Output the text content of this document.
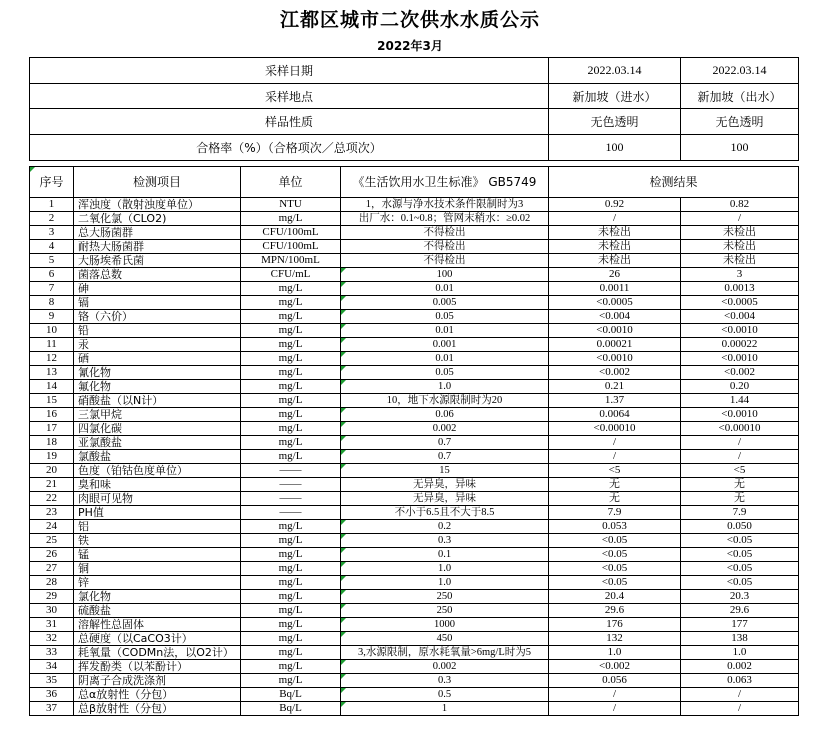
江都区城市二次供水水质公示
2022年3月
采样日期	2022.03.14	2022.03.14
采样地点	新加坡（进水）	新加坡（出水）
样品性质	无色透明	无色透明
合格率（%）（合格项次／总项次）	100	100
序号	检测项目	单位	《生活饮用水卫生标准》 GB5749	检测结果	
1	浑浊度（散射浊度单位）	NTU	1，水源与净水技术条件限制时为3	0.92	0.82
2	二氧化氯（CLO2)	mg/L	出厂水：0.1~0.8；管网末稍水：≥0.02	/	/
3	总大肠菌群	CFU/100mL	不得检出	未检出	未检出
4	耐热大肠菌群	CFU/100mL	不得检出	未检出	未检出
5	大肠埃希氏菌	MPN/100mL	不得检出	未检出	未检出
6	菌落总数	CFU/mL	100	26	3
7	砷	mg/L	0.01	0.0011	0.0013
8	镉	mg/L	0.005	<0.0005	<0.0005
9	铬（六价）	mg/L	0.05	<0.004	<0.004
10	铅	mg/L	0.01	<0.0010	<0.0010
11	汞	mg/L	0.001	0.00021	0.00022
12	硒	mg/L	0.01	<0.0010	<0.0010
13	氰化物	mg/L	0.05	<0.002	<0.002
14	氟化物	mg/L	1.0	0.21	0.20
15	硝酸盐（以N计）	mg/L	10，地下水源限制时为20	1.37	1.44
16	三氯甲烷	mg/L	0.06	0.0064	<0.0010
17	四氯化碳	mg/L	0.002	<0.00010	<0.00010
18	亚氯酸盐	mg/L	0.7	/	/
19	氯酸盐	mg/L	0.7	/	/
20	色度（铂钴色度单位）	——	15	<5	<5
21	臭和味	——	无异臭，异味	无	无
22	肉眼可见物	——	无异臭，异味	无	无
23	PH值	——	不小于6.5且不大于8.5	7.9	7.9
24	铝	mg/L	0.2	0.053	0.050
25	铁	mg/L	0.3	<0.05	<0.05
26	锰	mg/L	0.1	<0.05	<0.05
27	铜	mg/L	1.0	<0.05	<0.05
28	锌	mg/L	1.0	<0.05	<0.05
29	氯化物	mg/L	250	20.4	20.3
30	硫酸盐	mg/L	250	29.6	29.6
31	溶解性总固体	mg/L	1000	176	177
32	总硬度（以CaCO3计）	mg/L	450	132	138
33	耗氧量（CODMn法，以O2计）	mg/L	3,水源限制，原水耗氧量>6mg/L时为5	1.0	1.0
34	挥发酚类（以苯酚计）	mg/L	0.002	<0.002	0.002
35	阴离子合成洗涤剂	mg/L	0.3	0.056	0.063
36	总α放射性（分包）	Bq/L	0.5	/	/
37	总β放射性（分包）	Bq/L	1	/	/
